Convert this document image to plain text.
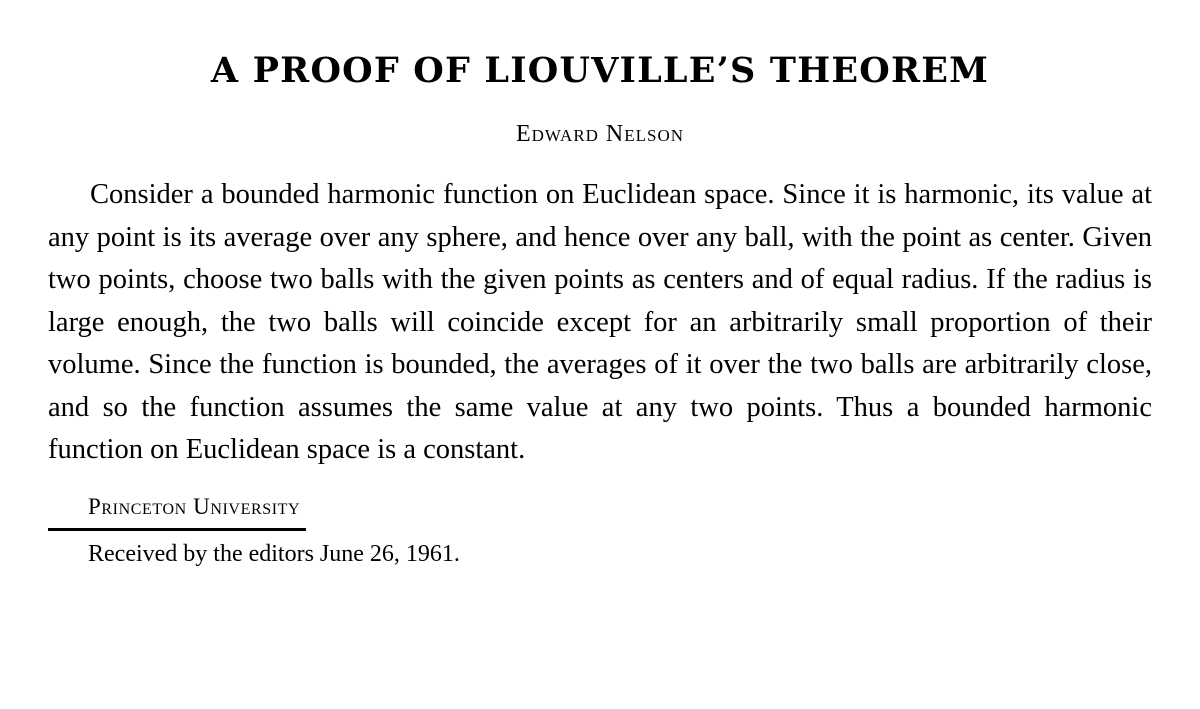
A PROOF OF LIOUVILLE’S THEOREM
Edward Nelson

Consider a bounded harmonic function on Euclidean space. Since it is harmonic, its value at any point is its average over any sphere, and hence over any ball, with the point as center. Given two points, choose two balls with the given points as centers and of equal radius. If the radius is large enough, the two balls will coincide except for an arbitrarily small proportion of their volume. Since the function is bounded, the averages of it over the two balls are arbitrarily close, and so the function assumes the same value at any two points. Thus a bounded harmonic function on Euclidean space is a constant.

Princeton University
Received by the editors June 26, 1961.
